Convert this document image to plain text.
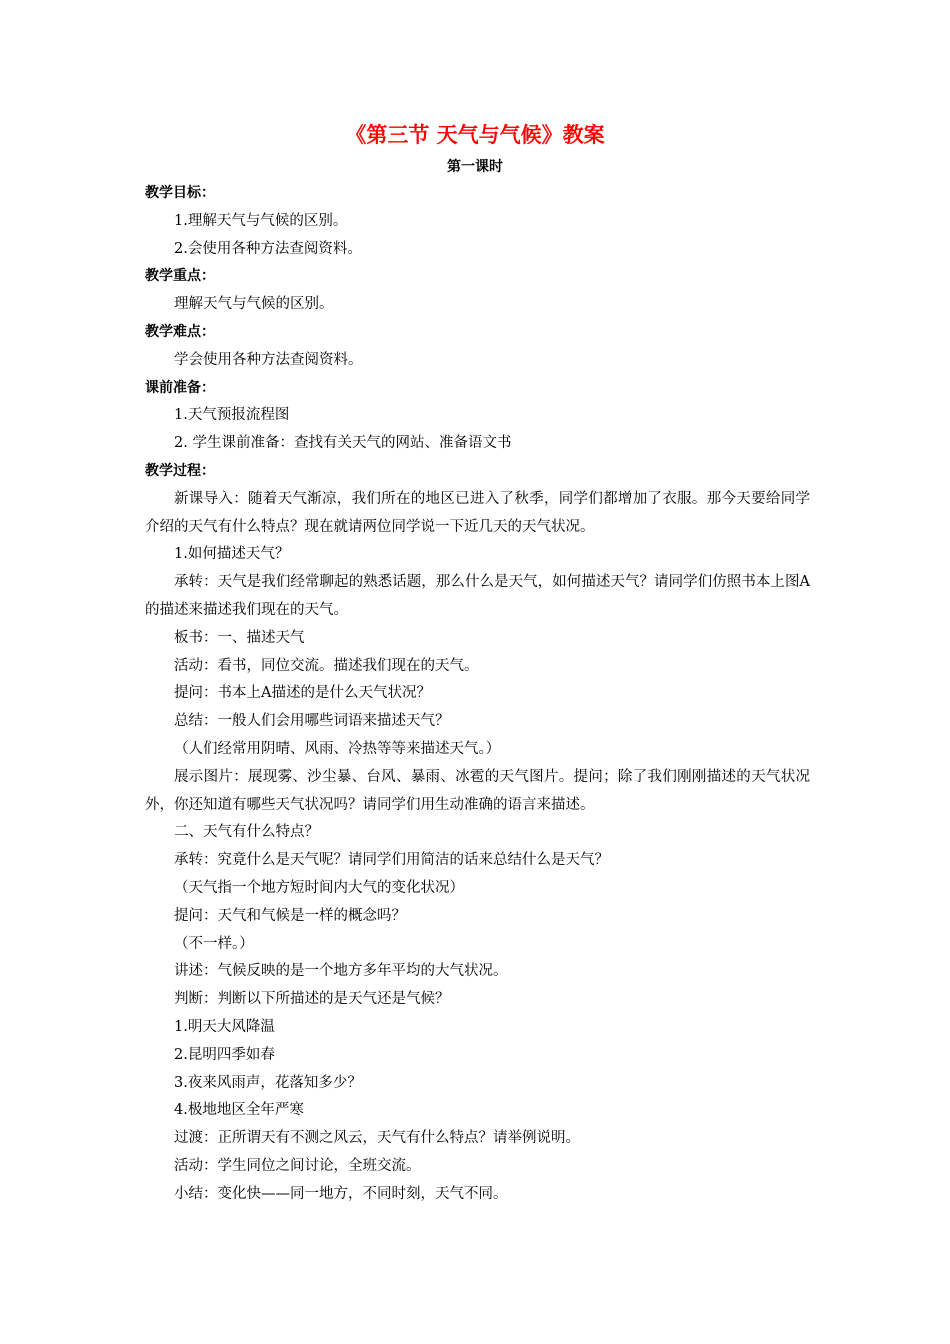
《第三节 天气与气候》教案
第一课时

教学目标：

1.理解天气与气候的区别。

2.会使用各种方法查阅资料。

教学重点：

理解天气与气候的区别。

教学难点：

学会使用各种方法查阅资料。

课前准备：

1.天气预报流程图

2. 学生课前准备：查找有关天气的网站、准备语文书

教学过程：

新课导入：随着天气渐凉，我们所在的地区已进入了秋季，同学们都增加了衣服。那今天要给同学介绍的天气有什么特点？现在就请两位同学说一下近几天的天气状况。

1.如何描述天气？

承转：天气是我们经常聊起的熟悉话题，那么什么是天气，如何描述天气？请同学们仿照书本上图A的描述来描述我们现在的天气。

板书：一、描述天气

活动：看书，同位交流。描述我们现在的天气。

提问：书本上A描述的是什么天气状况？

总结：一般人们会用哪些词语来描述天气？

（人们经常用阴晴、风雨、冷热等等来描述天气。）

展示图片：展现雾、沙尘暴、台风、暴雨、冰雹的天气图片。提问；除了我们刚刚描述的天气状况外，你还知道有哪些天气状况吗？请同学们用生动准确的语言来描述。

二、天气有什么特点？

承转：究竟什么是天气呢？请同学们用简洁的话来总结什么是天气？

（天气指一个地方短时间内大气的变化状况）

提问：天气和气候是一样的概念吗？

（不一样。）

讲述：气候反映的是一个地方多年平均的大气状况。

判断：判断以下所描述的是天气还是气候？

1.明天大风降温

2.昆明四季如春

3.夜来风雨声，花落知多少？

4.极地地区全年严寒

过渡：正所谓天有不测之风云，天气有什么特点？请举例说明。

活动：学生同位之间讨论，全班交流。

小结：变化快——同一地方，不同时刻，天气不同。
